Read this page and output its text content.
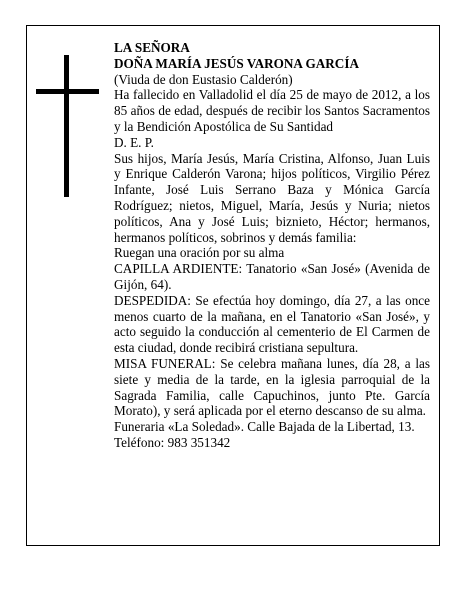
LA SEÑORA

DOÑA MARÍA JESÚS VARONA GARCÍA

(Viuda de don Eustasio Calderón)

Ha fallecido en Valladolid el día 25 de mayo de 2012, a los 85 años de edad, después de recibir los Santos Sacramentos y la Bendición Apostólica de Su Santidad

D. E. P.

Sus hijos, María Jesús, María Cristina, Alfonso, Juan Luis y Enrique Calderón Varona; hijos políticos, Virgilio Pérez Infante, José Luis Serrano Baza y Mónica García Rodríguez; nietos, Miguel, María, Jesús y Nuria; nietos políticos, Ana y José Luis; biznieto, Héctor; hermanos, hermanos políticos, sobrinos y demás familia:

Ruegan una oración por su alma

CAPILLA ARDIENTE: Tanatorio «San José» (Avenida de Gijón, 64).

DESPEDIDA: Se efectúa hoy domingo, día 27, a las once menos cuarto de la mañana, en el Tanatorio «San José», y acto seguido la conducción al cementerio de El Carmen de esta ciudad, donde recibirá cristiana sepultura.

MISA FUNERAL: Se celebra mañana lunes, día 28, a las siete y media de la tarde, en la iglesia parroquial de la Sagrada Familia, calle Capuchinos, junto Pte. García Morato), y será aplicada por el eterno descanso de su alma.

Funeraria «La Soledad». Calle Bajada de la Libertad, 13.

Teléfono: 983 351342
